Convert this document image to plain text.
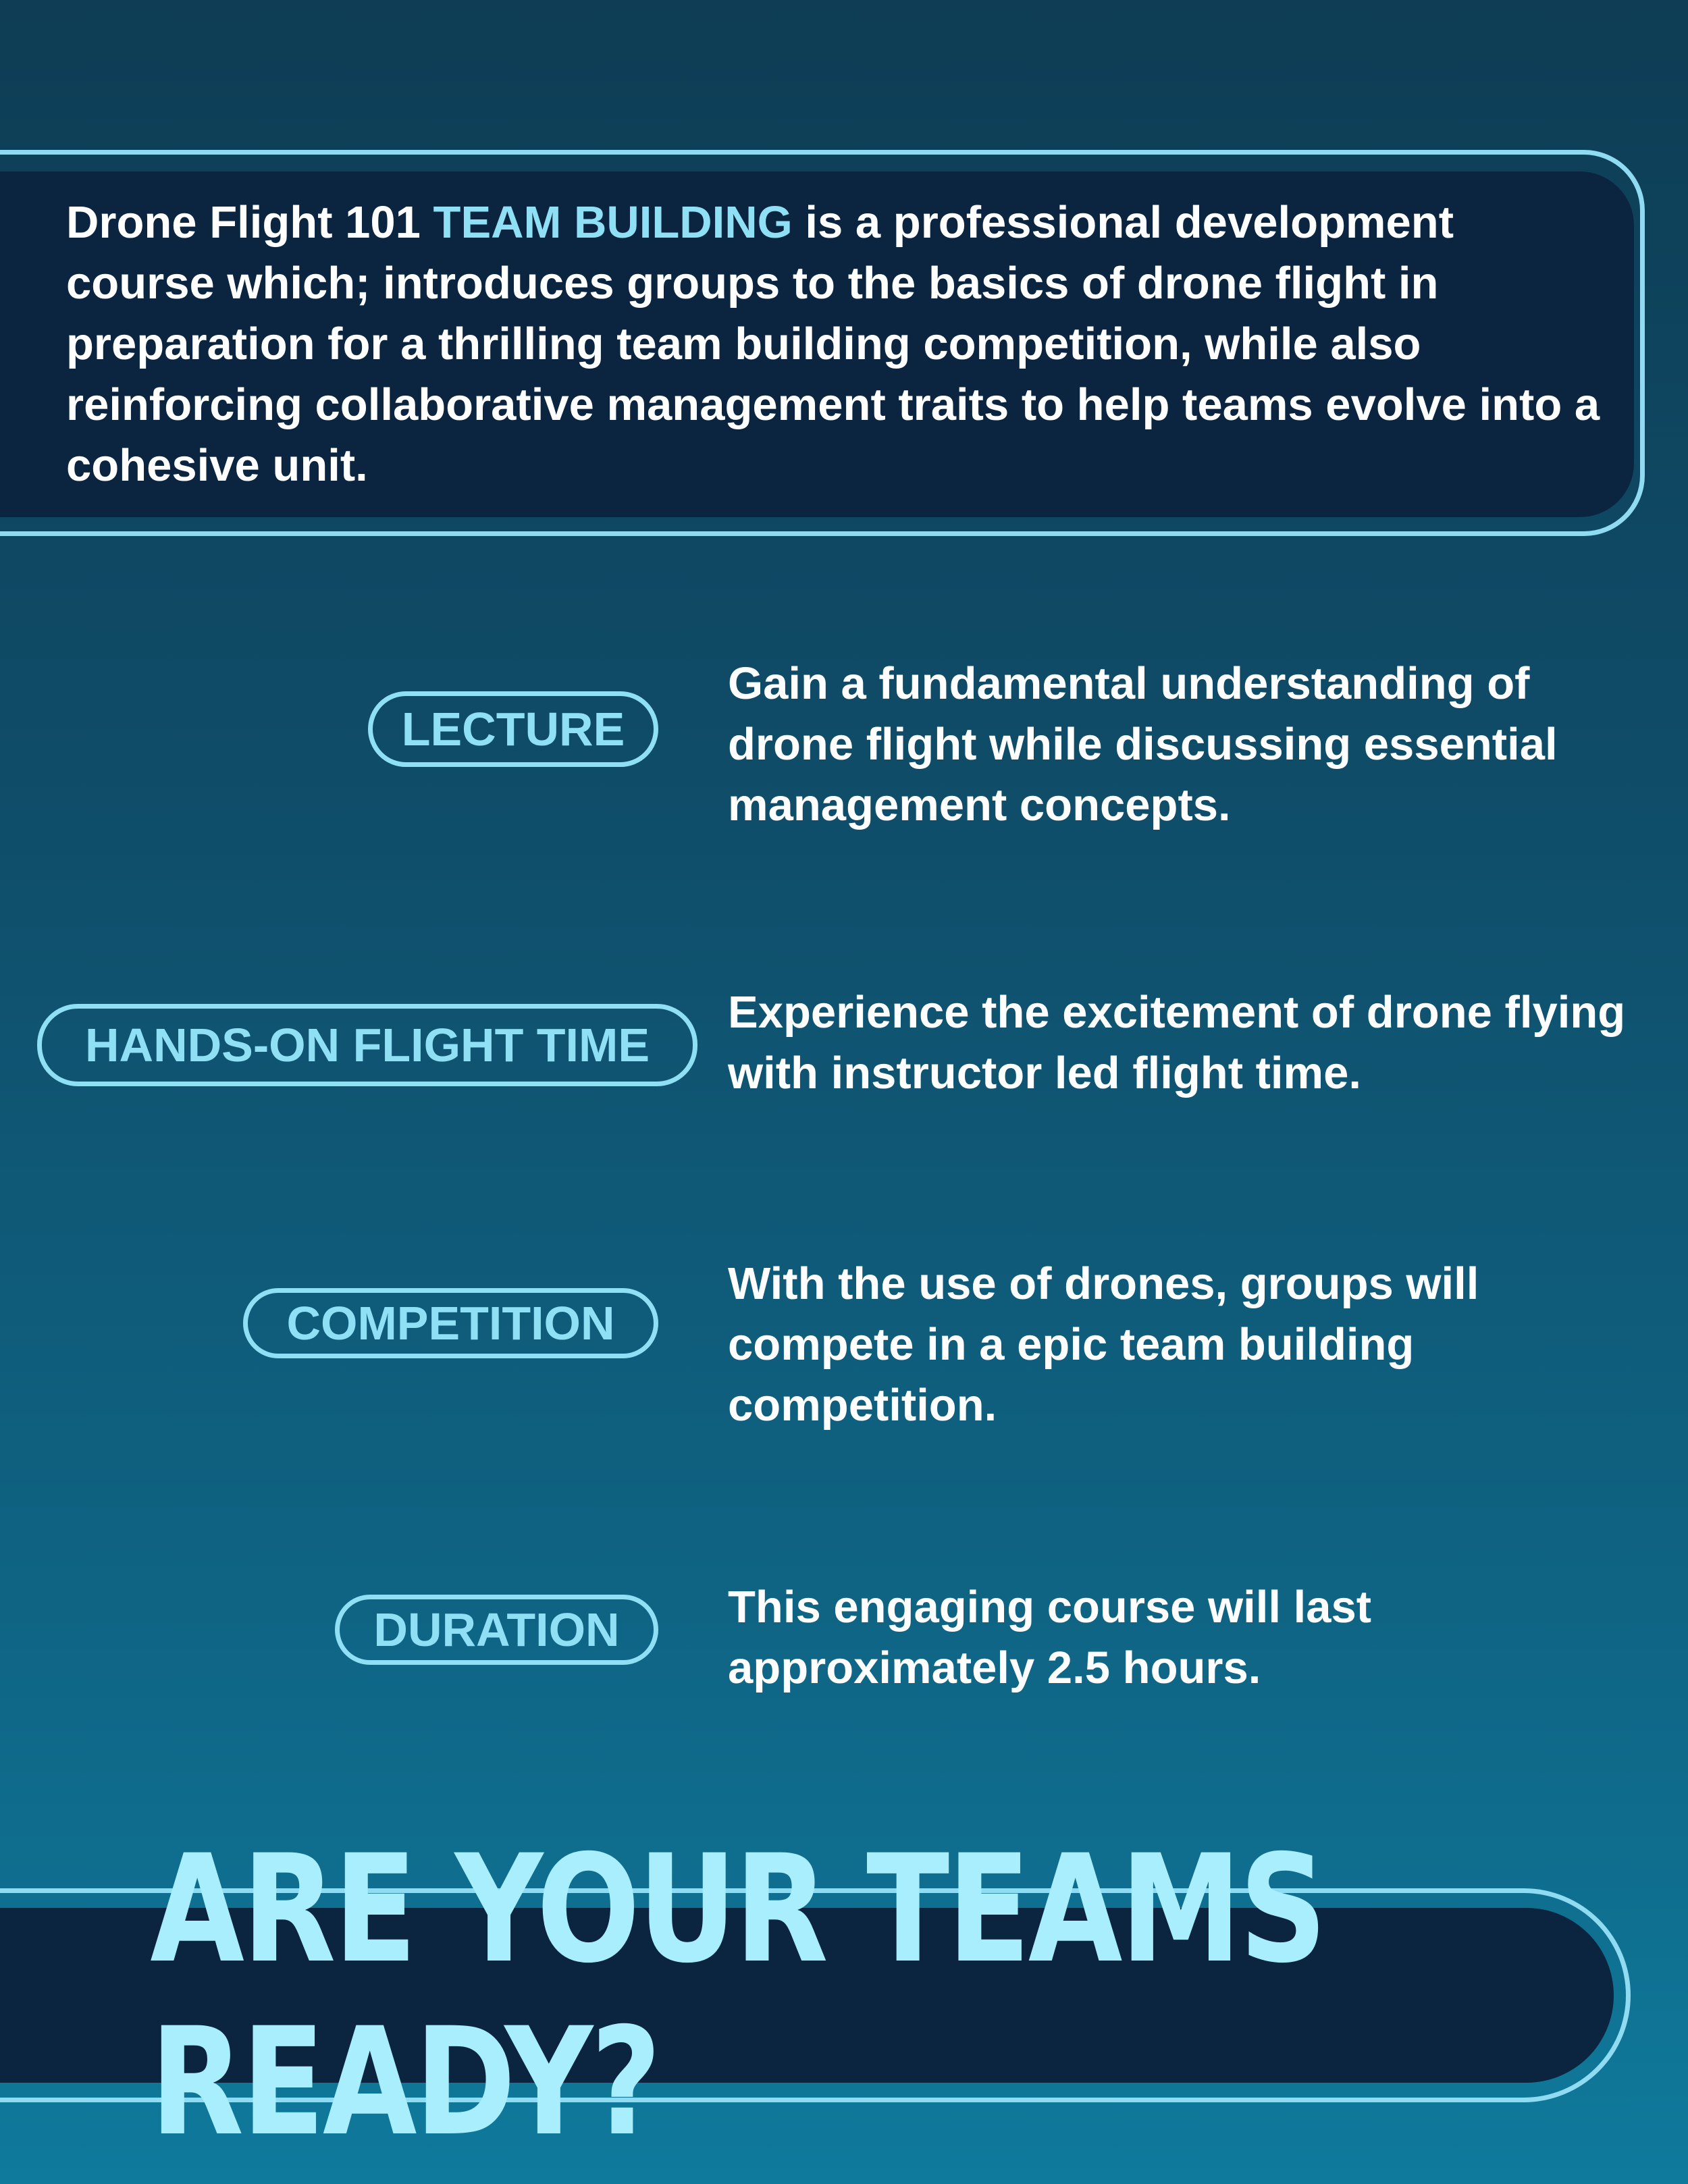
Drone Flight 101 TEAM BUILDING is a professional development course which; introduces groups to the basics of drone flight in preparation for a thrilling team building competition, while also reinforcing collaborative management traits to help teams evolve into a cohesive unit.

LECTURE

Gain a fundamental understanding of drone flight while discussing essential management concepts.

HANDS-ON FLIGHT TIME

Experience the excitement of drone flying with instructor led flight time.

COMPETITION

With the use of drones, groups will compete in a epic team building competition.

DURATION	This engaging course will last approximately 2.5 hours.

ARE YOUR TEAMS READY?
